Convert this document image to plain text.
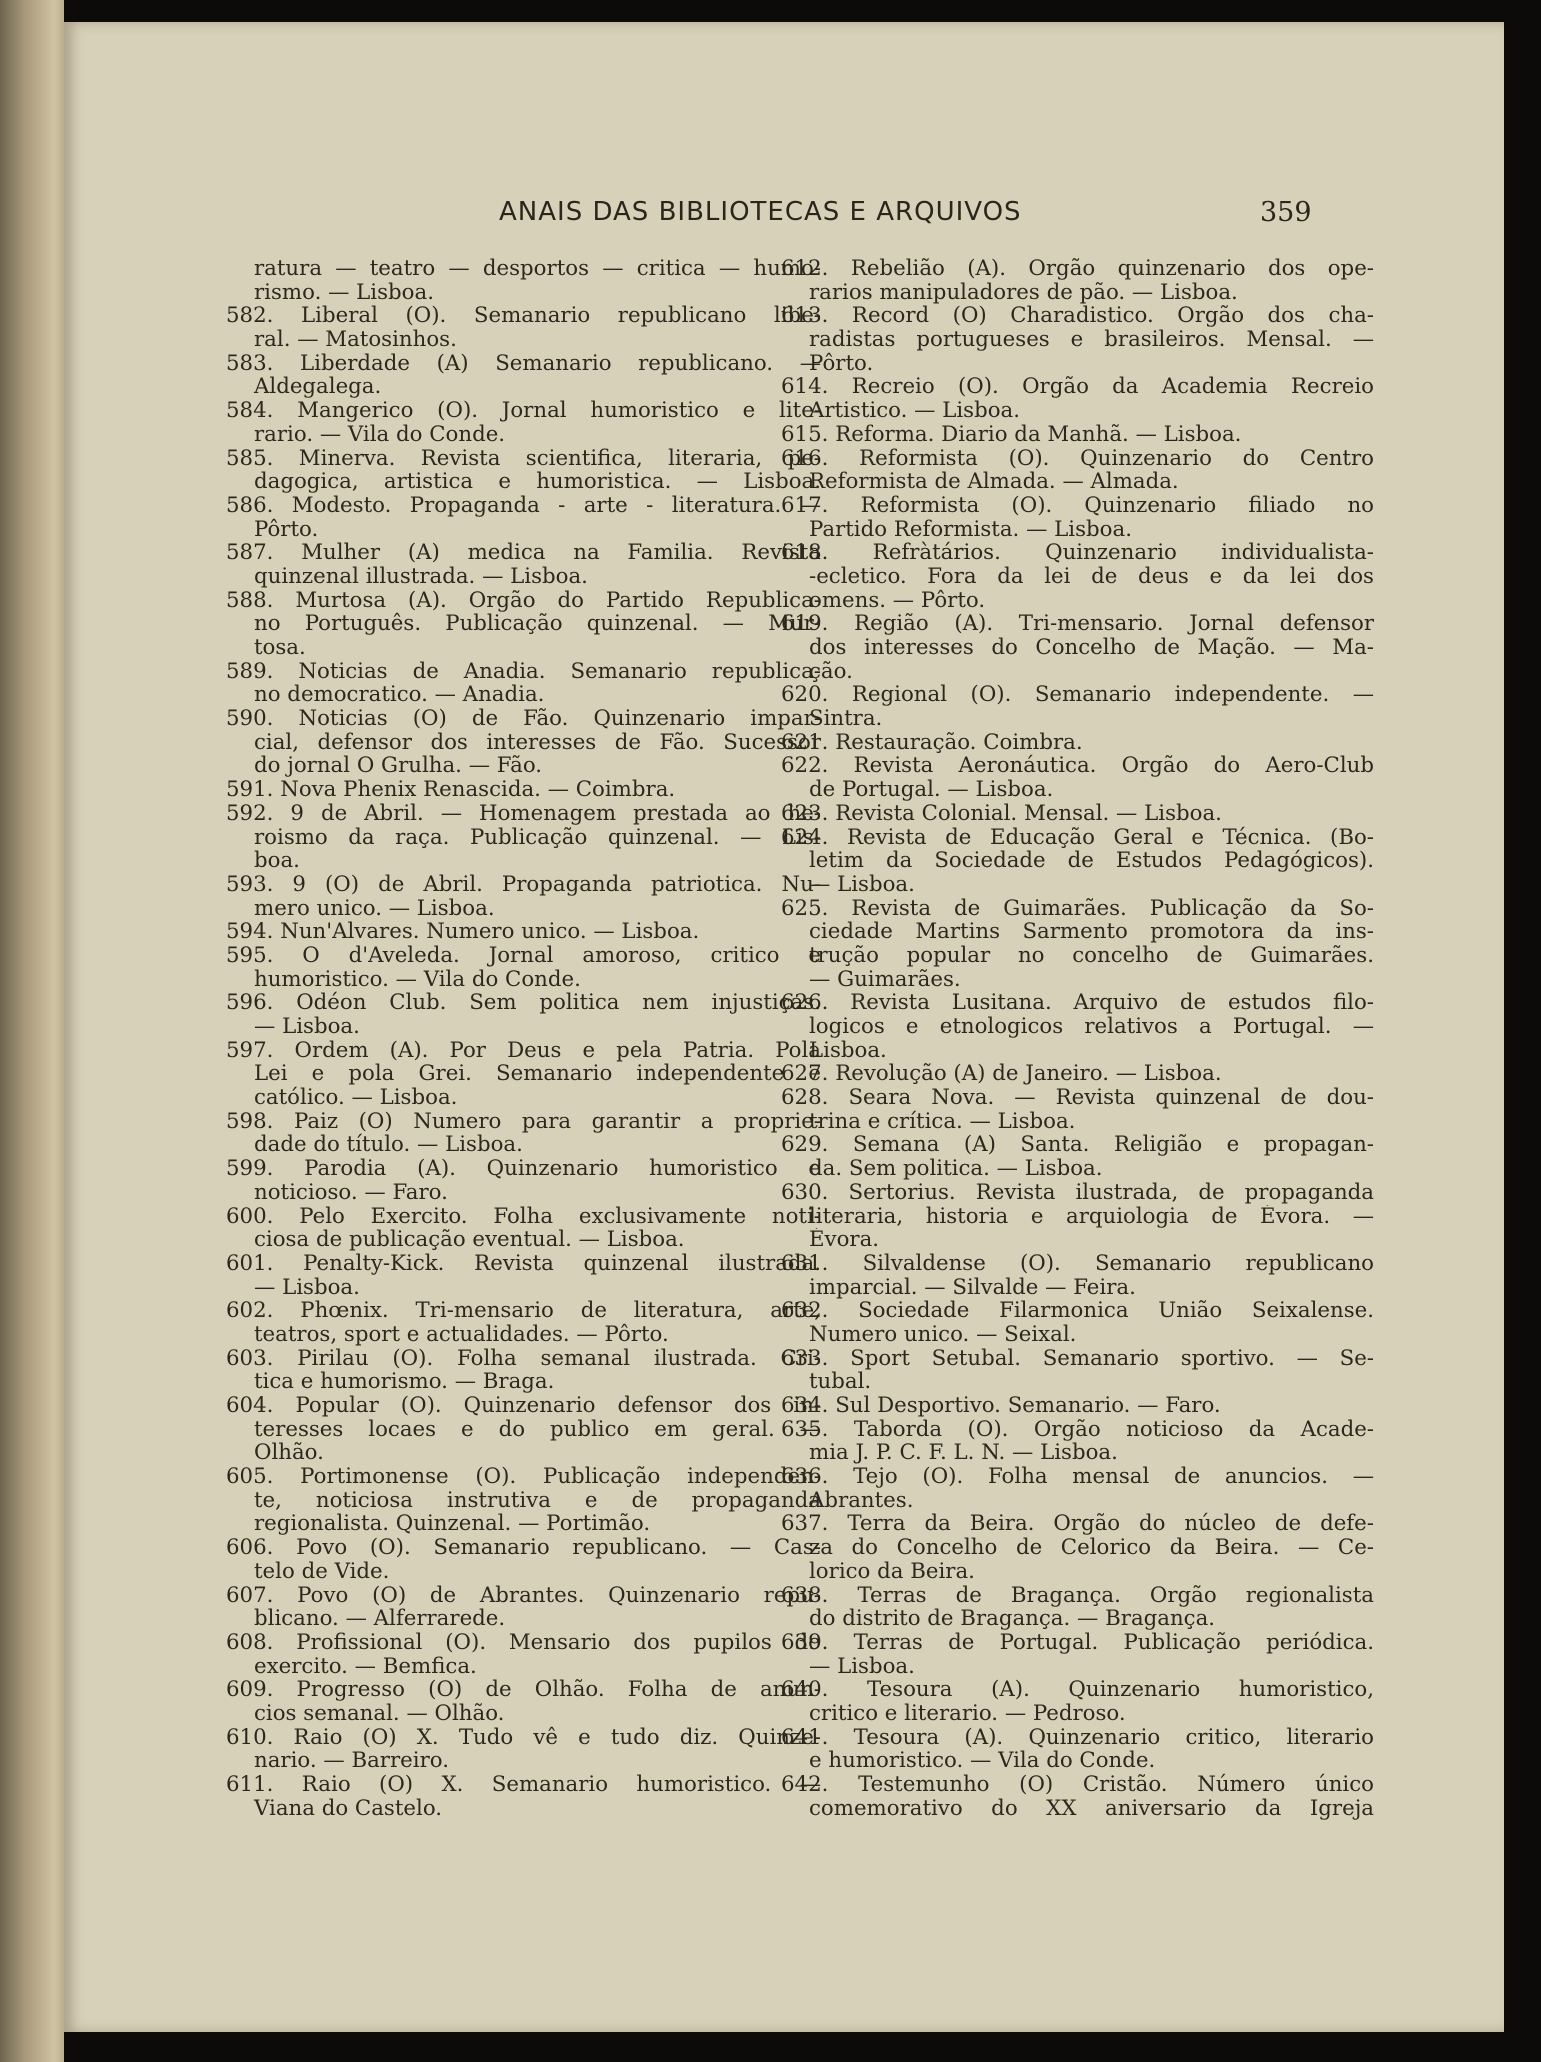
ANAIS DAS BIBLIOTECAS E ARQUIVOS	359
ratura — teatro — desportos — critica — humo-
rismo. — Lisboa.
582. Liberal (O). Semanario republicano libe-
ral. — Matosinhos.
583. Liberdade (A) Semanario republicano. —
Aldegalega.
584. Mangerico (O). Jornal humoristico e lite-
rario. — Vila do Conde.
585. Minerva. Revista scientifica, literaria, pe-
dagogica, artistica e humoristica. — Lisboa.
586. Modesto. Propaganda - arte - literatura. —
Pôrto.
587. Mulher (A) medica na Familia. Revista
quinzenal illustrada. — Lisboa.
588. Murtosa (A). Orgão do Partido Republica-
no Português. Publicação quinzenal. — Mur-
tosa.
589. Noticias de Anadia. Semanario republica-
no democratico. — Anadia.
590. Noticias (O) de Fão. Quinzenario impar-
cial, defensor dos interesses de Fão. Sucessor
do jornal O Grulha. — Fão.
591. Nova Phenix Renascida. — Coimbra.
592. 9 de Abril. — Homenagem prestada ao he-
roismo da raça. Publicação quinzenal. — Lis-
boa.
593. 9 (O) de Abril. Propaganda patriotica. Nu-
mero unico. — Lisboa.
594. Nun'Alvares. Numero unico. — Lisboa.
595. O d'Aveleda. Jornal amoroso, critico e
humoristico. — Vila do Conde.
596. Odéon Club. Sem politica nem injustiças.
— Lisboa.
597. Ordem (A). Por Deus e pela Patria. Pola
Lei e pola Grei. Semanario independente e
católico. — Lisboa.
598. Paiz (O) Numero para garantir a proprie-
dade do título. — Lisboa.
599. Parodia (A). Quinzenario humoristico e
noticioso. — Faro.
600. Pelo Exercito. Folha exclusivamente noti-
ciosa de publicação eventual. — Lisboa.
601. Penalty-Kick. Revista quinzenal ilustrada.
— Lisboa.
602. Phœnix. Tri-mensario de literatura, arte,
teatros, sport e actualidades. — Pôrto.
603. Pirilau (O). Folha semanal ilustrada. Cri-
tica e humorismo. — Braga.
604. Popular (O). Quinzenario defensor dos in-
teresses locaes e do publico em geral. —
Olhão.
605. Portimonense (O). Publicação independen-
te, noticiosa instrutiva e de propaganda
regionalista. Quinzenal. — Portimão.
606. Povo (O). Semanario republicano. — Cas-
telo de Vide.
607. Povo (O) de Abrantes. Quinzenario repu-
blicano. — Alferrarede.
608. Profissional (O). Mensario dos pupilos do
exercito. — Bemfica.
609. Progresso (O) de Olhão. Folha de anun-
cios semanal. — Olhão.
610. Raio (O) X. Tudo vê e tudo diz. Quinze-
nario. — Barreiro.
611. Raio (O) X. Semanario humoristico. —
Viana do Castelo.
612. Rebelião (A). Orgão quinzenario dos ope-
rarios manipuladores de pão. — Lisboa.
613. Record (O) Charadistico. Orgão dos cha-
radistas portugueses e brasileiros. Mensal. —
Pôrto.
614. Recreio (O). Orgão da Academia Recreio
Artistico. — Lisboa.
615. Reforma. Diario da Manhã. — Lisboa.
616. Reformista (O). Quinzenario do Centro
Reformista de Almada. — Almada.
617. Reformista (O). Quinzenario filiado no
Partido Reformista. — Lisboa.
618. Refràtários. Quinzenario individualista-
-ecletico. Fora da lei de deus e da lei dos
omens. — Pôrto.
619. Região (A). Tri-mensario. Jornal defensor
dos interesses do Concelho de Mação. — Ma-
ção.
620. Regional (O). Semanario independente. —
Sintra.
621. Restauração. Coimbra.
622. Revista Aeronáutica. Orgão do Aero-Club
de Portugal. — Lisboa.
623. Revista Colonial. Mensal. — Lisboa.
624. Revista de Educação Geral e Técnica. (Bo-
letim da Sociedade de Estudos Pedagógicos).
— Lisboa.
625. Revista de Guimarães. Publicação da So-
ciedade Martins Sarmento promotora da ins-
trução popular no concelho de Guimarães.
— Guimarães.
626. Revista Lusitana. Arquivo de estudos filo-
logicos e etnologicos relativos a Portugal. —
Lisboa.
627. Revolução (A) de Janeiro. — Lisboa.
628. Seara Nova. — Revista quinzenal de dou-
trina e crítica. — Lisboa.
629. Semana (A) Santa. Religião e propagan-
da. Sem politica. — Lisboa.
630. Sertorius. Revista ilustrada, de propaganda
literaria, historia e arquiologia de Évora. —
Évora.
631. Silvaldense (O). Semanario republicano
imparcial. — Silvalde — Feira.
632. Sociedade Filarmonica União Seixalense.
Numero unico. — Seixal.
633. Sport Setubal. Semanario sportivo. — Se-
tubal.
634. Sul Desportivo. Semanario. — Faro.
635. Taborda (O). Orgão noticioso da Acade-
mia J. P. C. F. L. N. — Lisboa.
636. Tejo (O). Folha mensal de anuncios. —
Abrantes.
637. Terra da Beira. Orgão do núcleo de defe-
za do Concelho de Celorico da Beira. — Ce-
lorico da Beira.
638. Terras de Bragança. Orgão regionalista
do distrito de Bragança. — Bragança.
639. Terras de Portugal. Publicação periódica.
— Lisboa.
640. Tesoura (A). Quinzenario humoristico,
critico e literario. — Pedroso.
641. Tesoura (A). Quinzenario critico, literario
e humoristico. — Vila do Conde.
642. Testemunho (O) Cristão. Número único
comemorativo do XX aniversario da Igreja
